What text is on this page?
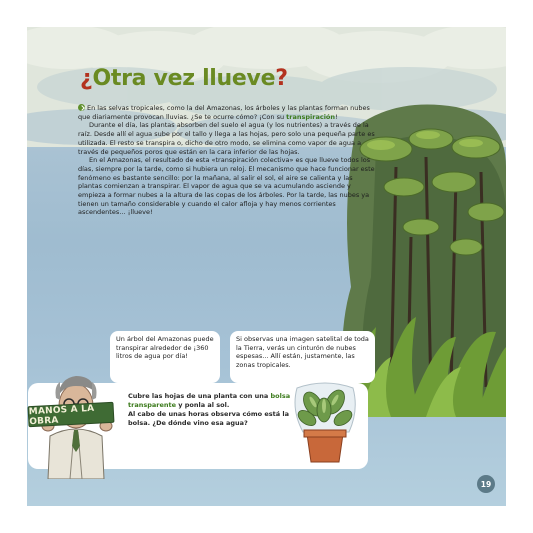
Un árbol del Amazonas puede transpirar alrededor de ¡360 litros de agua por día!
Si observas una imagen satelital de toda la Tierra, verás un cinturón de nubes espesas... Allí están, justamente, las zonas tropicales.
19
¿Otra vez llueve?

En las selvas tropicales, como la del Amazonas, los árboles y las plantas forman nubes que diariamente provocan lluvias. ¿Se te ocurre cómo? ¡Con su transpiración!

Durante el día, las plantas absorben del suelo el agua (y los nutrientes) a través de la raíz. Desde allí el agua sube por el tallo y llega a las hojas, pero solo una pequeña parte es utilizada. El resto se transpira o, dicho de otro modo, se elimina como vapor de agua a través de pequeños poros que están en la cara inferior de las hojas.

En el Amazonas, el resultado de esta «transpiración colectiva» es que llueve todos los días, siempre por la tarde, como si hubiera un reloj. El mecanismo que hace funcionar este fenómeno es bastante sencillo: por la mañana, al salir el sol, el aire se calienta y las plantas comienzan a transpirar. El vapor de agua que se va acumulando asciende y empieza a formar nubes a la altura de las copas de los árboles. Por la tarde, las nubes ya tienen un tamaño considerable y cuando el calor afloja y hay menos corrientes ascendentes… ¡llueve!

MANOS A LA OBRA

Cubre las hojas de una planta con una bolsa transparente y ponla al sol.

Al cabo de unas horas observa cómo está la bolsa. ¿De dónde vino esa agua?
